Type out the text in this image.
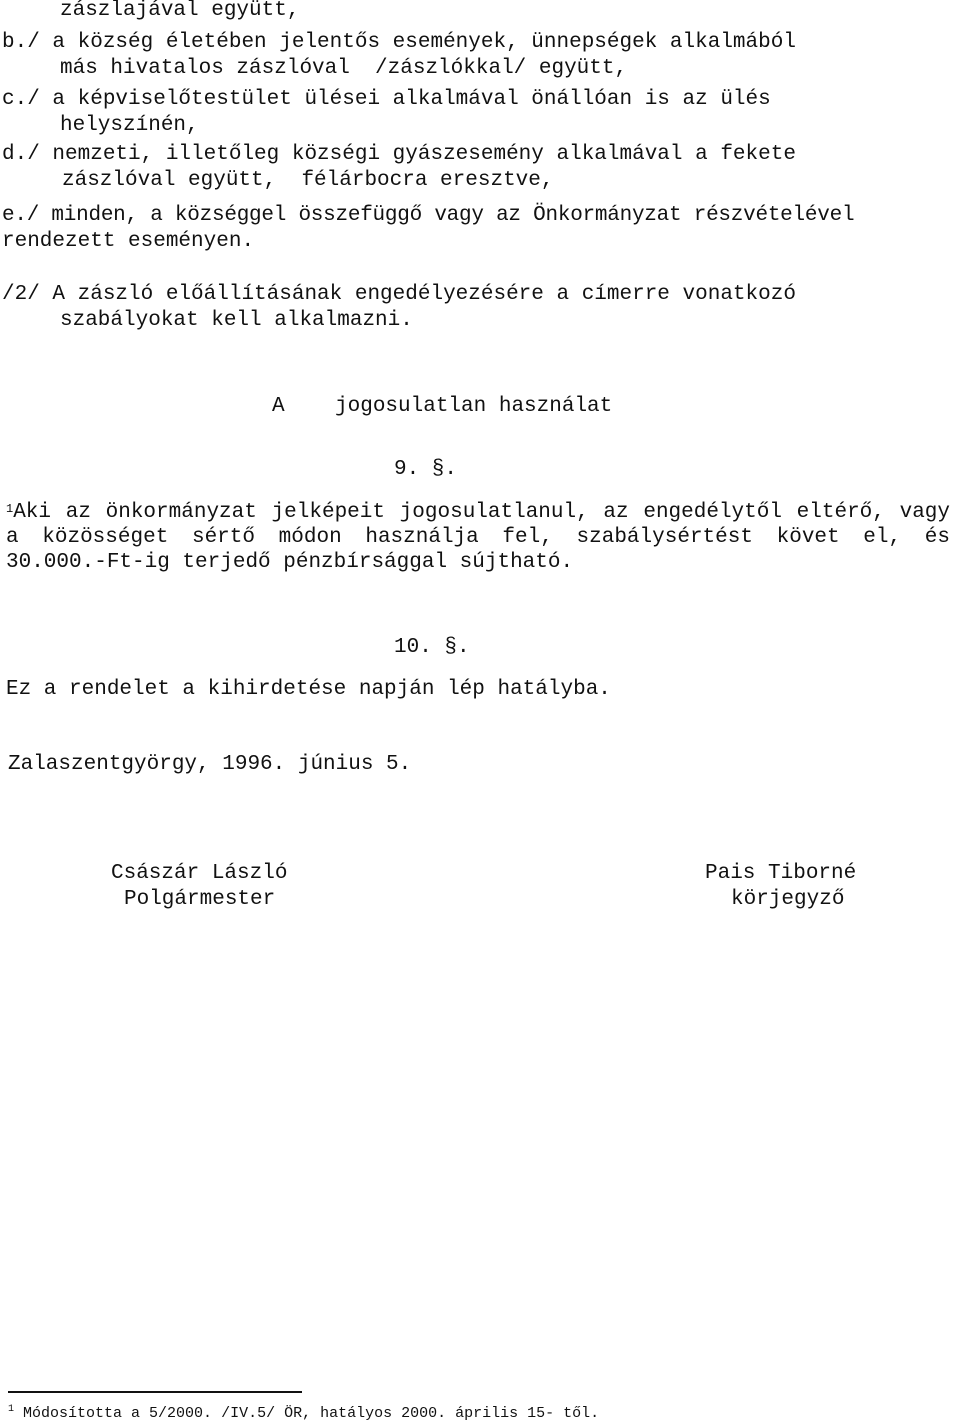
zászlajával együtt,

b./ a község életében jelentős események, ünnepségek alkalmából

más hivatalos zászlóval  /zászlókkal/ együtt,

c./ a képviselőtestület ülései alkalmával önállóan is az ülés

helyszínén,

d./ nemzeti, illetőleg községi gyászesemény alkalmával a fekete

zászlóval együtt,  félárbocra eresztve,

e./ minden, a községgel összefüggő vagy az Önkormányzat részvételével

rendezett eseményen.

/2/ A zászló előállításának engedélyezésére a címerre vonatkozó

szabályokat kell alkalmazni.

A    jogosulatlan használat

9. §.

$^1$Aki az önkormányzat jelképeit jogosulatlanul, az engedélytől eltérő, vagy a közösséget sértő módon használja fel, szabálysértést követ el, és 30.000.-Ft-ig terjedő pénzbírsággal sújtható.

10. §.

Ez a rendelet a kihirdetése napján lép hatályba.

Zalaszentgyörgy, 1996. június 5.

Császár László

Polgármester

Pais Tiborné

körjegyző

$^1$ Módosította a 5/2000. /IV.5/ ÖR, hatályos 2000. április 15- től.
